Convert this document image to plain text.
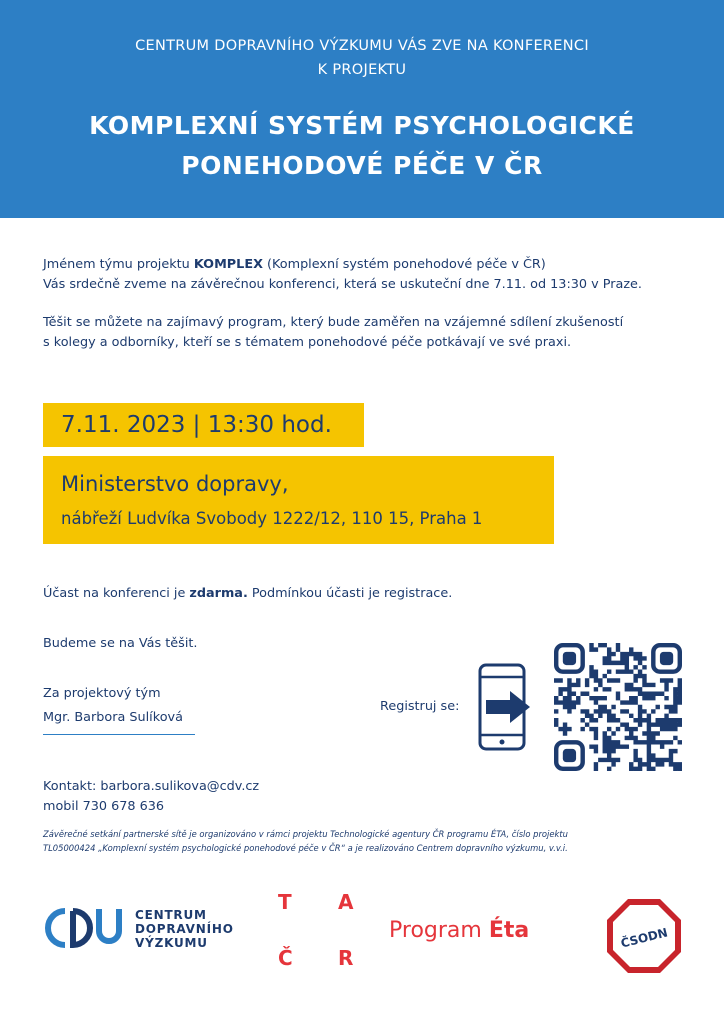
CENTRUM DOPRAVNÍHO VÝZKUMU VÁS ZVE NA KONFERENCI
K PROJEKTU
KOMPLEXNÍ SYSTÉM PSYCHOLOGICKÉ
PONEHODOVÉ PÉČE V ČR

Jménem týmu projektu KOMPLEX (Komplexní systém ponehodové péče v ČR)
Vás srdečně zveme na závěrečnou konferenci, která se uskuteční dne 7.11. od 13:30 v Praze.

Těšit se můžete na zajímavý program, který bude zaměřen na vzájemné sdílení zkušeností
s kolegy a odborníky, kteří se s tématem ponehodové péče potkávají ve své praxi.

7.11. 2023 | 13:30 hod.
Ministerstvo dopravy,
nábřeží Ludvíka Svobody 1222/12, 110 15, Praha 1
Účast na konferenci je zdarma. Podmínkou účasti je registrace.
Budeme se na Vás těšit.
Za projektový tým
Mgr. Barbora Sulíková
Registruj se:
Kontakt: barbora.sulikova@cdv.cz
mobil 730 678 636
Závěrečné setkání partnerské sítě je organizováno v rámci projektu Technologické agentury ČR programu ÉTA, číslo projektu
TL05000424 „Komplexní systém psychologické ponehodové péče v ČR“ a je realizováno Centrem dopravního výzkumu, v.v.i.
CENTRUM
DOPRAVNÍHO
VÝZKUMU
T A
Č R
Program Éta	ČSODN
